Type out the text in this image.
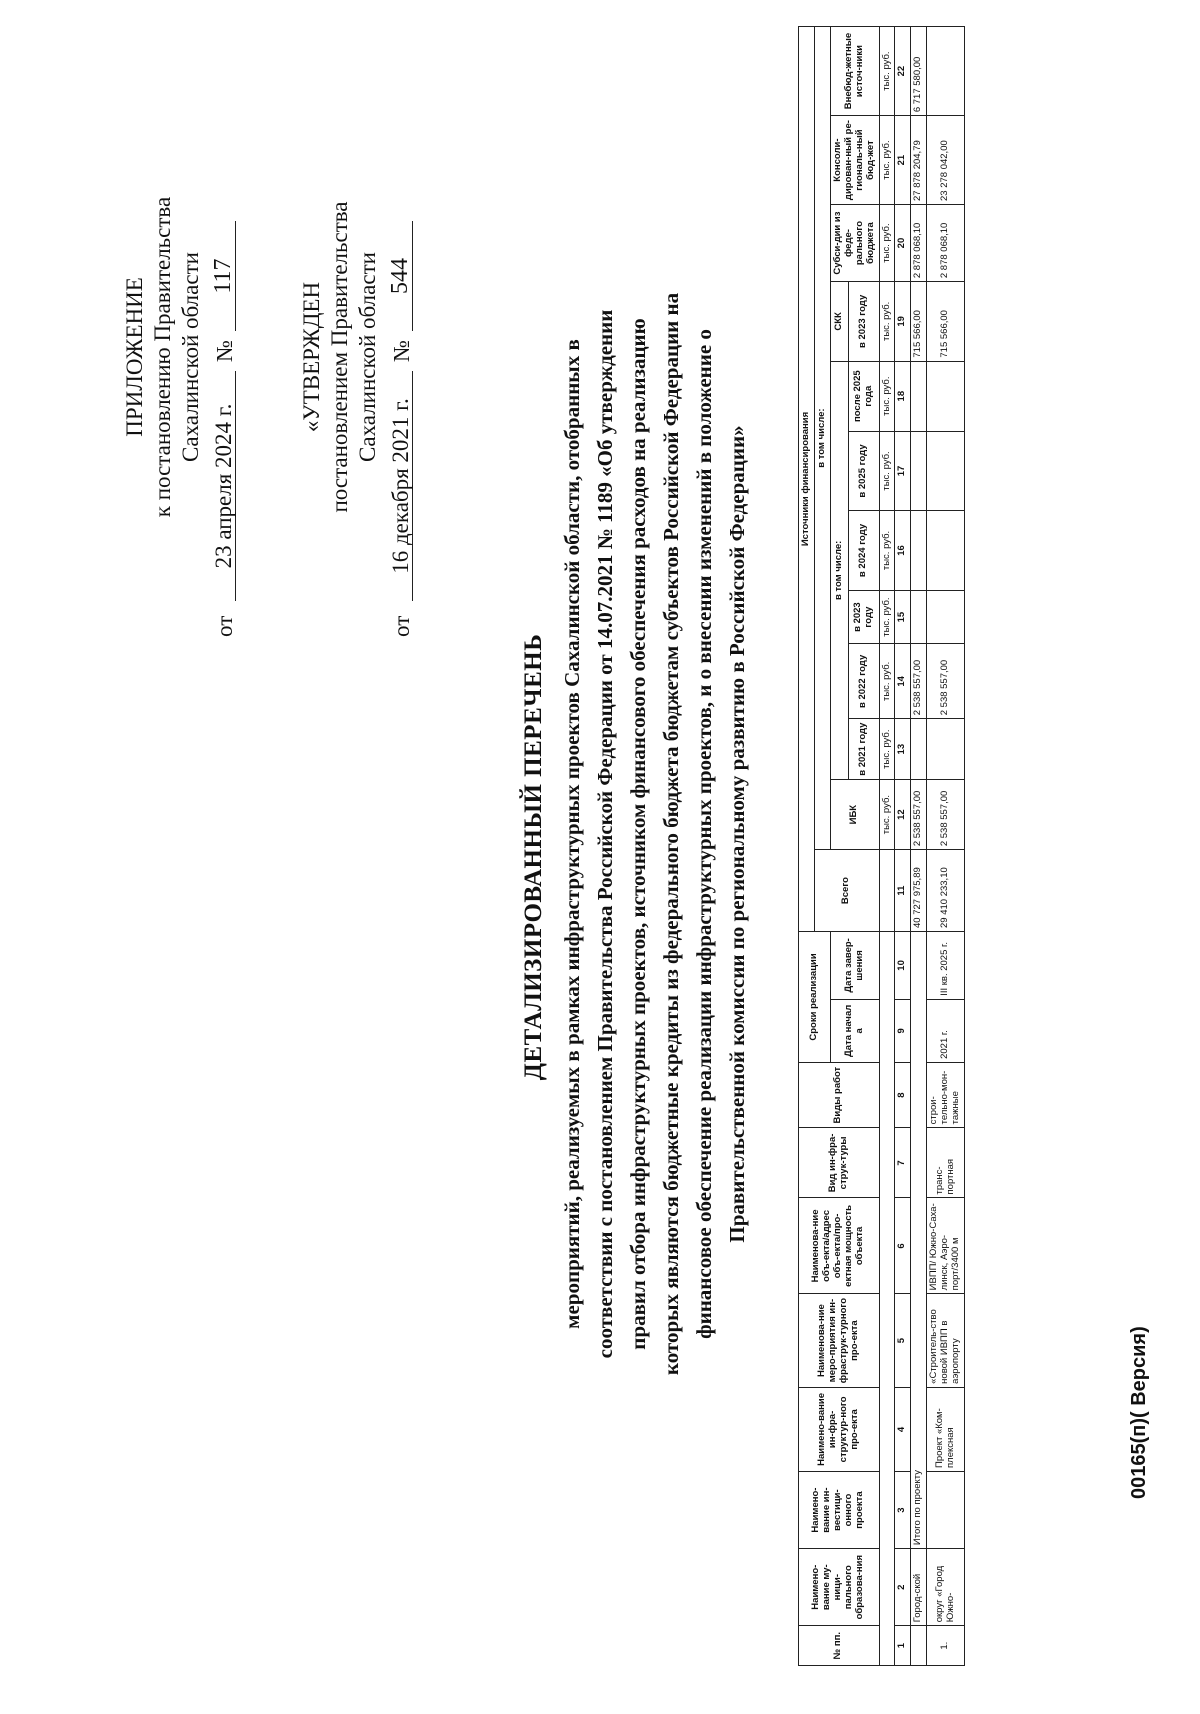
ПРИЛОЖЕНИЕ к постановлению Правительства Сахалинской области
от
23 апреля 2024 г.
№
117
«УТВЕРЖДЕН постановлением Правительства Сахалинской области
от
16 декабря 2021 г.
№
544
ДЕТАЛИЗИРОВАННЫЙ ПЕРЕЧЕНЬ мероприятий, реализуемых в рамках инфраструктурных проектов Сахалинской области, отобранных в соответствии с постановлением Правительства Российской Федерации от 14.07.2021 № 1189 «Об утверждении правил отбора инфраструктурных проектов, источником финансового обеспечения расходов на реализацию которых являются бюджетные кредиты из федерального бюджета бюджетам субъектов Российской Федерации на финансовое обеспечение реализации инфраструктурных проектов, и о внесении изменений в положение о Правительственной комиссии по региональному развитию в Российской Федерации»
№ пп.	Наимено-вание му-ници-пального образова-ния	Наимено-вание ин-вестици-онного проекта	Наимено-вание ин-фра-структур-ного про-екта	Наименова-ние меро-приятия ин-фраструк-турного про-екта	Наименова-ние объ-екта/адрес объ-екта/про-ектная мощность объекта	Вид ин-фра-струк-туры	Виды работ	Сроки реализации		Источники финансирования											
										Всего	в том числе:										
								Дата начал а	Дата завер-шения		ИБК	в том числе:						СКК	Субси-дии из феде-рального бюджета	Консоли-дирован-ный ре-гиональ-ный бюд-жет	Внебюд-жетные источ-ники
												в 2021 году	в 2022 году	в 2023 году	в 2024 году	в 2025 году	после 2025 года	в 2023 году			
											тыс. руб.	тыс. руб.	тыс. руб.	тыс. руб.	тыс. руб.	тыс. руб.	тыс. руб.	тыс. руб.	тыс. руб.	тыс. руб.	тыс. руб.
1	2	3	4	5	6	7	8	9	10	11	12	13	14	15	16	17	18	19	20	21	22
	Город-ской	Итого по проекту								40 727 975,89	2 538 557,00		2 538 557,00					715 566,00	2 878 068,10	27 878 204,79	6 717 580,00
1.	округ «Город Южно-		Проект «Ком-плексная	«Строитель-ство новой ИВПП в аэропорту	ИВПП/ Южно-Саха-линск, Аэро-порт/3400 м	транс-портная	строи-тельно-мон-тажные	2021 г.	III кв. 2025 г.	29 410 233,10	2 538 557,00		2 538 557,00					715 566,00	2 878 068,10	23 278 042,00	
00165(п)( Версия)
